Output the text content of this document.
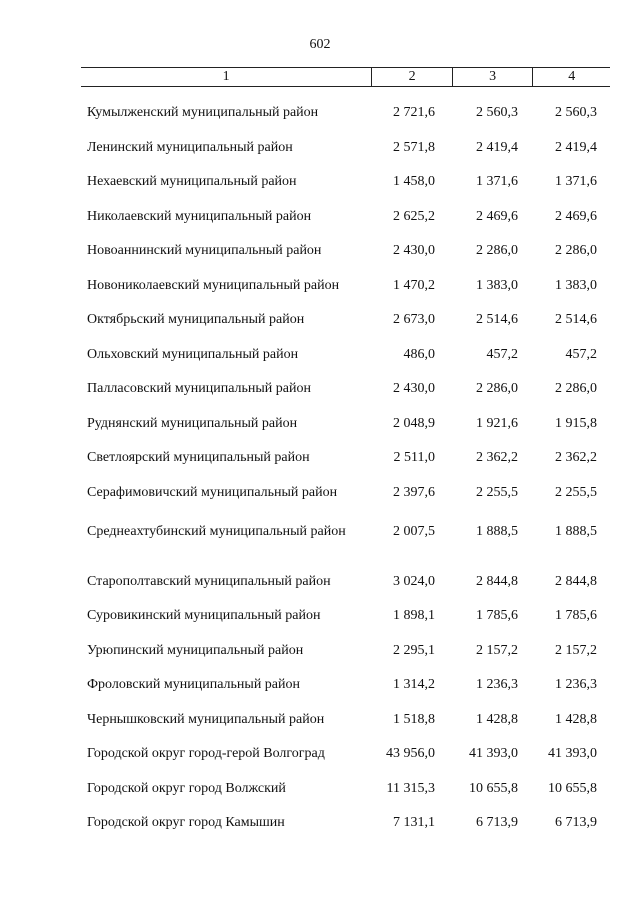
602
1	2	3	4
Кумылженский муниципальный район	2 721,6	2 560,3	2 560,3
Ленинский муниципальный район	2 571,8	2 419,4	2 419,4
Нехаевский муниципальный район	1 458,0	1 371,6	1 371,6
Николаевский муниципальный район	2 625,2	2 469,6	2 469,6
Новоаннинский муниципальный район	2 430,0	2 286,0	2 286,0
Новониколаевский муниципальный район	1 470,2	1 383,0	1 383,0
Октябрьский муниципальный район	2 673,0	2 514,6	2 514,6
Ольховский муниципальный район	486,0	457,2	457,2
Палласовский муниципальный район	2 430,0	2 286,0	2 286,0
Руднянский муниципальный район	2 048,9	1 921,6	1 915,8
Светлоярский муниципальный район	2 511,0	2 362,2	2 362,2
Серафимовичский муниципальный район	2 397,6	2 255,5	2 255,5
Среднеахтубинский муниципальный район	2 007,5	1 888,5	1 888,5
Старополтавский муниципальный район	3 024,0	2 844,8	2 844,8
Суровикинский муниципальный район	1 898,1	1 785,6	1 785,6
Урюпинский муниципальный район	2 295,1	2 157,2	2 157,2
Фроловский муниципальный район	1 314,2	1 236,3	1 236,3
Чернышковский муниципальный район	1 518,8	1 428,8	1 428,8
Городской округ город-герой Волгоград	43 956,0	41 393,0	41 393,0
Городской округ город Волжский	11 315,3	10 655,8	10 655,8
Городской округ город Камышин	7 131,1	6 713,9	6 713,9
